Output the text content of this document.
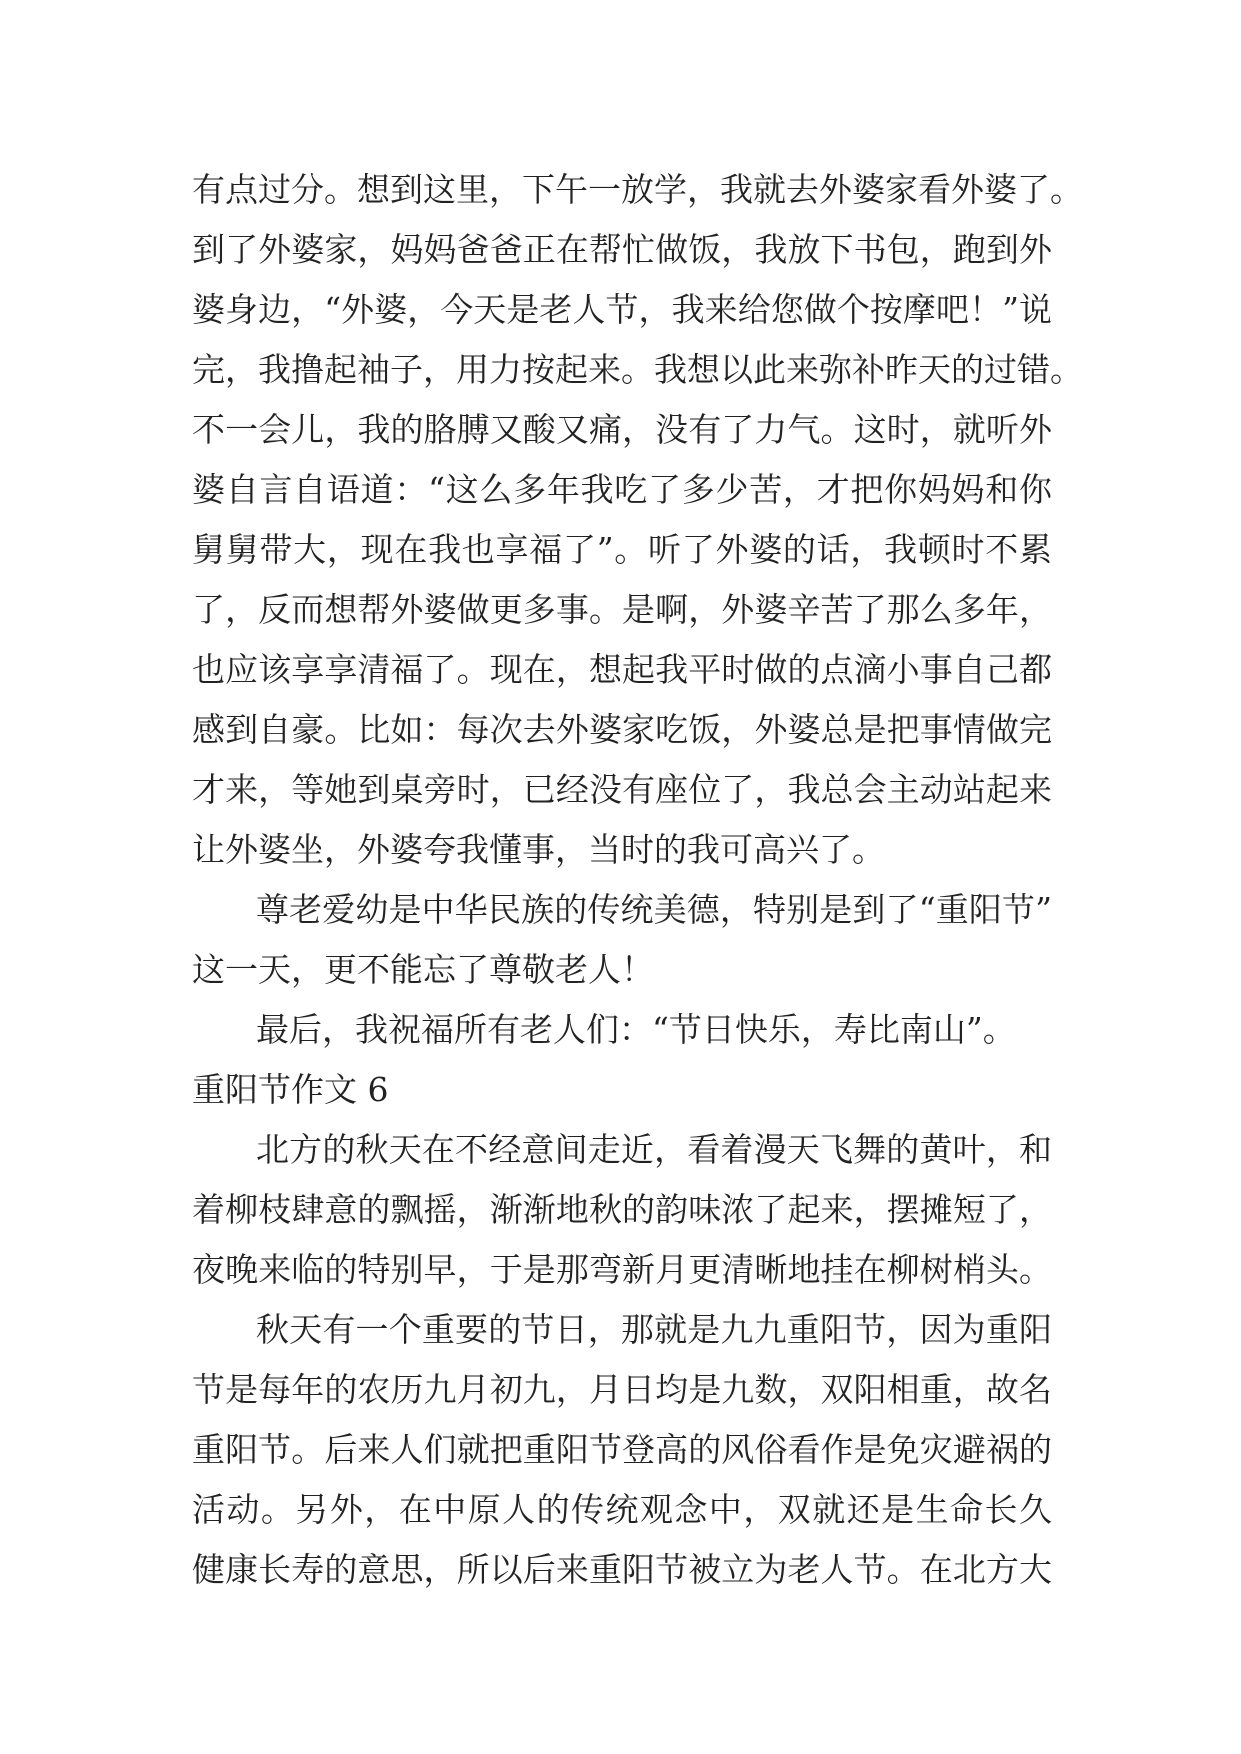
有点过分。想到这里，下午一放学，我就去外婆家看外婆了。
到了外婆家，妈妈爸爸正在帮忙做饭，我放下书包，跑到外
婆身边，“外婆，今天是老人节，我来给您做个按摩吧！”说
完，我撸起袖子，用力按起来。我想以此来弥补昨天的过错。
不一会儿，我的胳膊又酸又痛，没有了力气。这时，就听外
婆自言自语道：“这么多年我吃了多少苦，才把你妈妈和你
舅舅带大，现在我也享福了”。听了外婆的话，我顿时不累
了，反而想帮外婆做更多事。是啊，外婆辛苦了那么多年，
也应该享享清福了。现在，想起我平时做的点滴小事自己都
感到自豪。比如：每次去外婆家吃饭，外婆总是把事情做完
才来，等她到桌旁时，已经没有座位了，我总会主动站起来
让外婆坐，外婆夸我懂事，当时的我可高兴了。
尊老爱幼是中华民族的传统美德，特别是到了“重阳节”
这一天，更不能忘了尊敬老人！
最后，我祝福所有老人们：“节日快乐，寿比南山”。
重阳节作文 6
北方的秋天在不经意间走近，看着漫天飞舞的黄叶，和
着柳枝肆意的飘摇，渐渐地秋的韵味浓了起来，摆摊短了，
夜晚来临的特别早，于是那弯新月更清晰地挂在柳树梢头。
秋天有一个重要的节日，那就是九九重阳节，因为重阳
节是每年的农历九月初九，月日均是九数，双阳相重，故名
重阳节。后来人们就把重阳节登高的风俗看作是免灾避祸的
活动。另外，在中原人的传统观念中，双就还是生命长久
健康长寿的意思，所以后来重阳节被立为老人节。在北方大
